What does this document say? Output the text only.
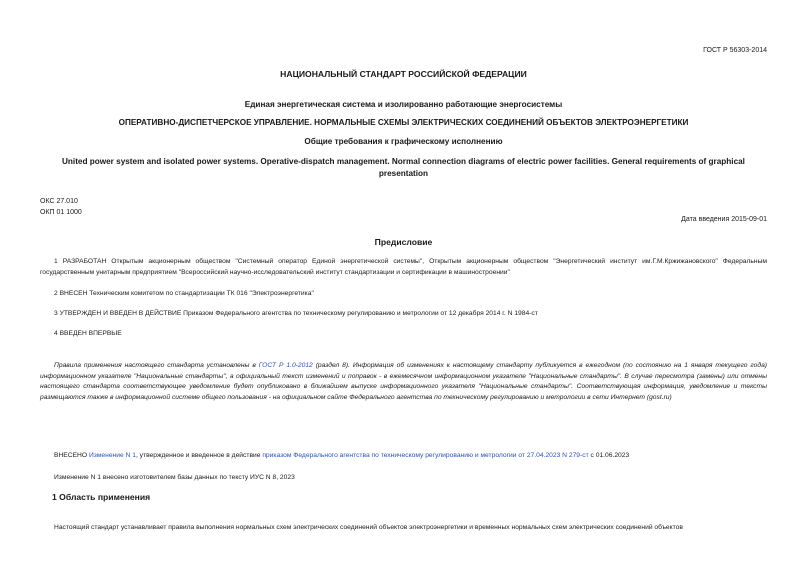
ГОСТ Р 56303-2014
НАЦИОНАЛЬНЫЙ СТАНДАРТ РОССИЙСКОЙ ФЕДЕРАЦИИ
Единая энергетическая система и изолированно работающие энергосистемы
ОПЕРАТИВНО-ДИСПЕТЧЕРСКОЕ УПРАВЛЕНИЕ. НОРМАЛЬНЫЕ СХЕМЫ ЭЛЕКТРИЧЕСКИХ СОЕДИНЕНИЙ ОБЪЕКТОВ ЭЛЕКТРОЭНЕРГЕТИКИ
Общие требования к графическому исполнению
United power system and isolated power systems. Operative-dispatch management. Normal connection diagrams of electric power facilities. General requirements of graphical presentation
ОКС 27.010
ОКП 01 1000
Дата введения 2015-09-01
Предисловие
1 РАЗРАБОТАН Открытым акционерным обществом "Системный оператор Единой энергетической системы", Открытым акционерным обществом "Энергетический институт им.Г.М.Кржижановского" Федеральным государственным унитарным предприятием "Всероссийский научно-исследовательский институт стандартизации и сертификации в машиностроении"
2 ВНЕСЕН Техническим комитетом по стандартизации ТК 016 "Электроэнергетика"
3 УТВЕРЖДЕН И ВВЕДЕН В ДЕЙСТВИЕ Приказом Федерального агентства по техническому регулированию и метрологии от 12 декабря 2014 г. N 1984-ст
4 ВВЕДЕН ВПЕРВЫЕ
Правила применения настоящего стандарта установлены в ГОСТ Р 1.0-2012 (раздел 8). Информация об изменениях к настоящему стандарту публикуется в ежегодном (по состоянию на 1 января текущего года) информационном указателе "Национальные стандарты", а официальный текст изменений и поправок - в ежемесячном информационном указателе "Национальные стандарты". В случае пересмотра (замены) или отмены настоящего стандарта соответствующее уведомление будет опубликовано в ближайшем выпуске информационного указателя "Национальные стандарты". Соответствующая информация, уведомление и тексты размещаются также в информационной системе общего пользования - на официальном сайте Федерального агентства по техническому регулированию и метрологии в сети Интернет (gost.ru)
ВНЕСЕНО Изменение N 1, утвержденное и введенное в действие приказом Федерального агентства по техническому регулированию и метрологии от 27.04.2023 N 279-ст с 01.06.2023
Изменение N 1 внесено изготовителем базы данных по тексту ИУС N 8, 2023
1 Область применения
Настоящий стандарт устанавливает правила выполнения нормальных схем электрических соединений объектов электроэнергетики и временных нормальных схем электрических соединений объектов
